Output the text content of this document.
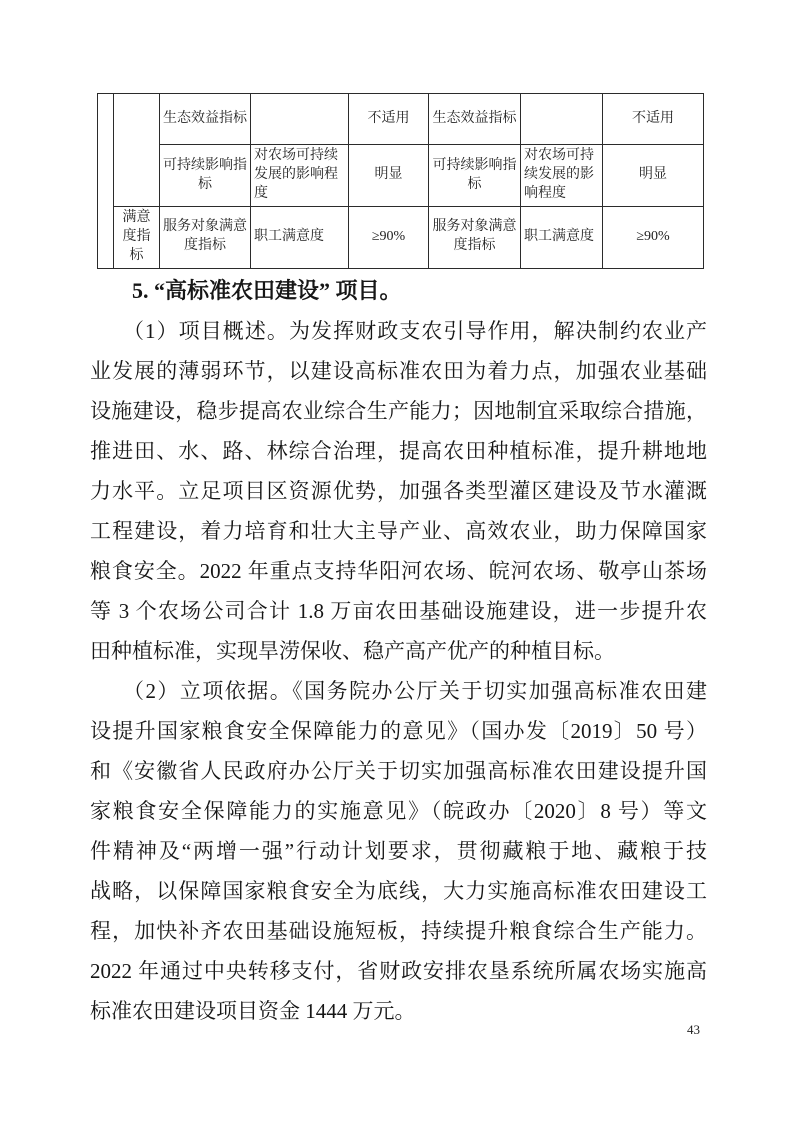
		生态效益指标		不适用	生态效益指标		不适用
		可持续影响指标	对农场可持续发展的影响程度	明显	可持续影响指标	对农场可持续发展的影响程度	明显
	满意度指标	服务对象满意度指标	职工满意度	≥90%	服务对象满意度指标	职工满意度	≥90%
5. “高标准农田建设” 项目。
（1）项目概述。为发挥财政支农引导作用，解决制约农业产
业发展的薄弱环节，以建设高标准农田为着力点，加强农业基础
设施建设，稳步提高农业综合生产能力；因地制宜采取综合措施，
推进田、水、路、林综合治理，提高农田种植标准，提升耕地地
力水平。立足项目区资源优势，加强各类型灌区建设及节水灌溉
工程建设，着力培育和壮大主导产业、高效农业，助力保障国家
粮食安全。2022 年重点支持华阳河农场、皖河农场、敬亭山茶场
等 3 个农场公司合计 1.8 万亩农田基础设施建设，进一步提升农
田种植标准，实现旱涝保收、稳产高产优产的种植目标。
（2）立项依据。《国务院办公厅关于切实加强高标准农田建
设提升国家粮食安全保障能力的意见》（国办发〔2019〕50 号）
和《安徽省人民政府办公厅关于切实加强高标准农田建设提升国
家粮食安全保障能力的实施意见》（皖政办〔2020〕8 号）等文
件精神及“两增一强”行动计划要求，贯彻藏粮于地、藏粮于技
战略，以保障国家粮食安全为底线，大力实施高标准农田建设工
程，加快补齐农田基础设施短板，持续提升粮食综合生产能力。
2022 年通过中央转移支付，省财政安排农垦系统所属农场实施高
标准农田建设项目资金 1444 万元。
43
